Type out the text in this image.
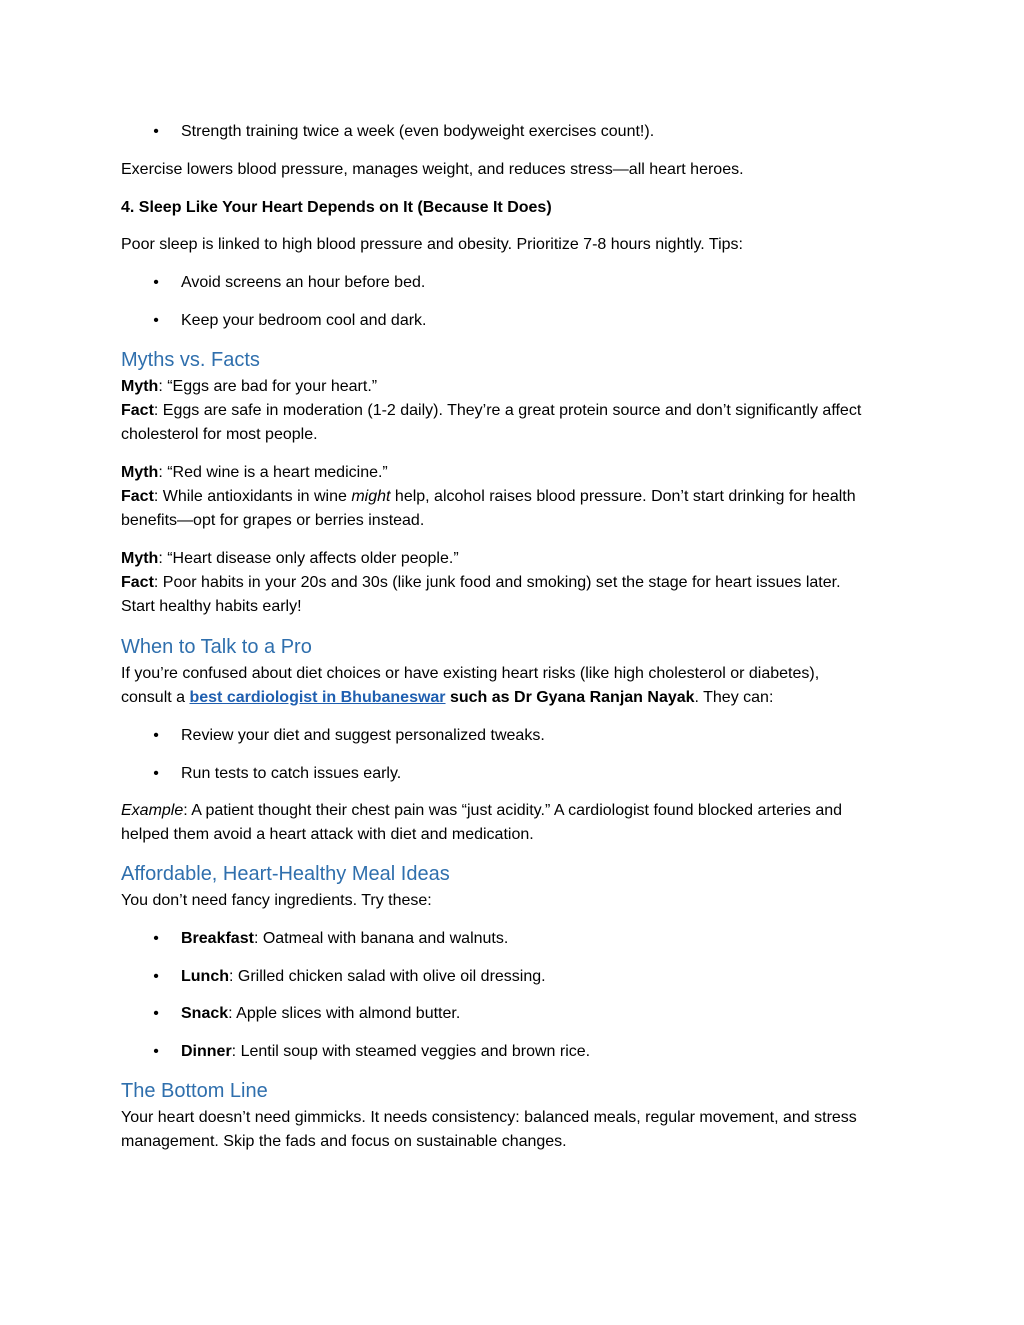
• Strength training twice a week (even bodyweight exercises count!).
Exercise lowers blood pressure, manages weight, and reduces stress—all heart heroes.
4. Sleep Like Your Heart Depends on It (Because It Does)
Poor sleep is linked to high blood pressure and obesity. Prioritize 7-8 hours nightly. Tips:
• Avoid screens an hour before bed.
• Keep your bedroom cool and dark.
Myths vs. Facts
Myth: “Eggs are bad for your heart.”
Fact: Eggs are safe in moderation (1-2 daily). They’re a great protein source and don’t significantly affect
cholesterol for most people.
Myth: “Red wine is a heart medicine.”
Fact: While antioxidants in wine might help, alcohol raises blood pressure. Don’t start drinking for health
benefits—opt for grapes or berries instead.
Myth: “Heart disease only affects older people.”
Fact: Poor habits in your 20s and 30s (like junk food and smoking) set the stage for heart issues later.
Start healthy habits early!
When to Talk to a Pro
If you’re confused about diet choices or have existing heart risks (like high cholesterol or diabetes),
consult a best cardiologist in Bhubaneswar such as Dr Gyana Ranjan Nayak. They can:
• Review your diet and suggest personalized tweaks.
• Run tests to catch issues early.
Example: A patient thought their chest pain was “just acidity.” A cardiologist found blocked arteries and
helped them avoid a heart attack with diet and medication.
Affordable, Heart-Healthy Meal Ideas
You don’t need fancy ingredients. Try these:
• Breakfast: Oatmeal with banana and walnuts.
• Lunch: Grilled chicken salad with olive oil dressing.
• Snack: Apple slices with almond butter.
• Dinner: Lentil soup with steamed veggies and brown rice.
The Bottom Line
Your heart doesn’t need gimmicks. It needs consistency: balanced meals, regular movement, and stress
management. Skip the fads and focus on sustainable changes.
